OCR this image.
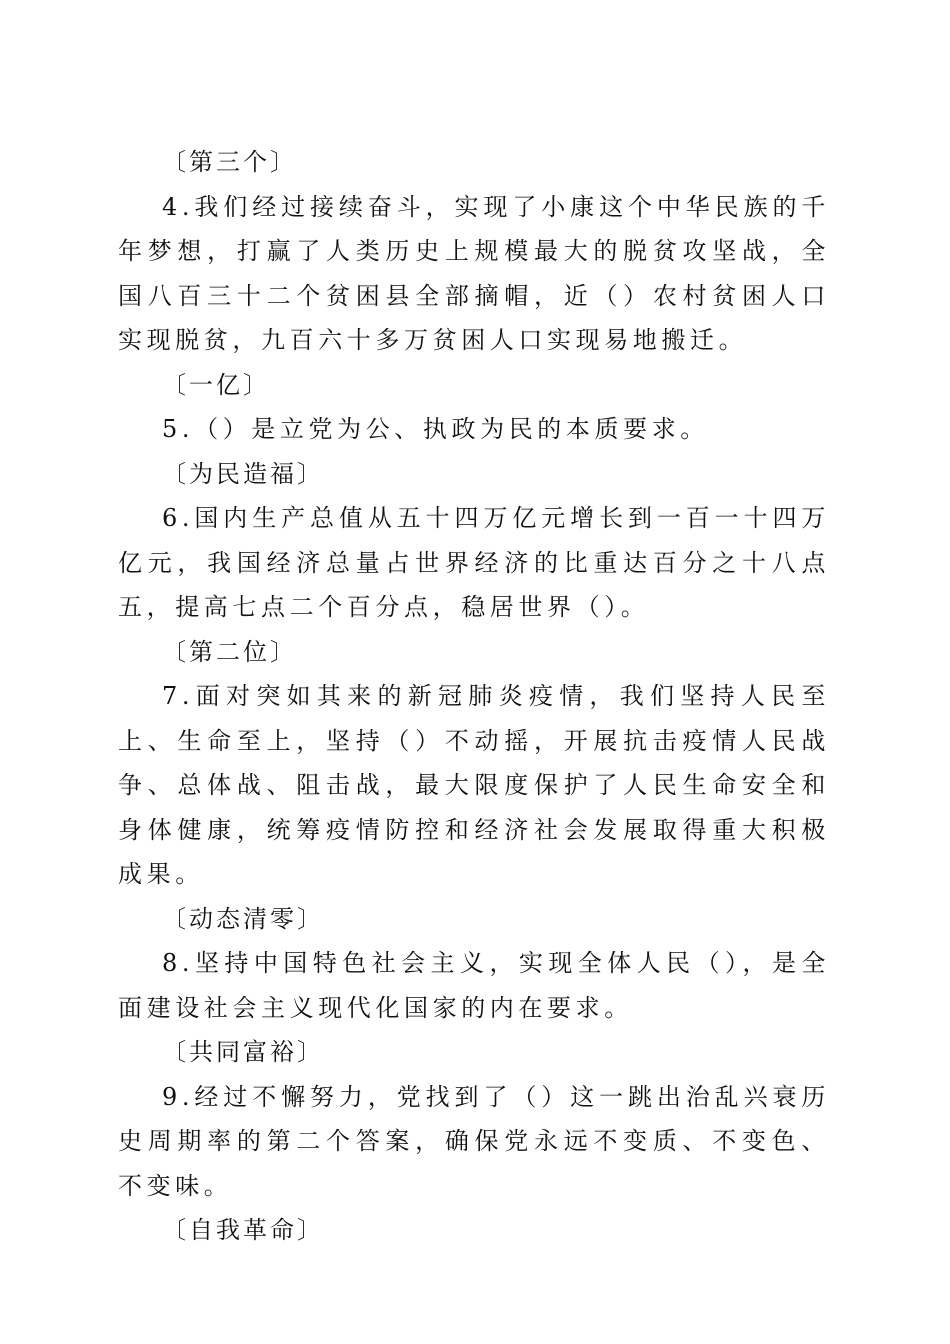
〔第三个〕

4.我们经过接续奋斗，实现了小康这个中华民族的千年梦想，打赢了人类历史上规模最大的脱贫攻坚战，全国八百三十二个贫困县全部摘帽，近（）农村贫困人口实现脱贫，九百六十多万贫困人口实现易地搬迁。

〔一亿〕

5.（）是立党为公、执政为民的本质要求。

〔为民造福〕

6.国内生产总值从五十四万亿元增长到一百一十四万亿元，我国经济总量占世界经济的比重达百分之十八点五，提高七点二个百分点，稳居世界（）。

〔第二位〕

7.面对突如其来的新冠肺炎疫情，我们坚持人民至上、生命至上，坚持（）不动摇，开展抗击疫情人民战争、总体战、阻击战，最大限度保护了人民生命安全和身体健康，统筹疫情防控和经济社会发展取得重大积极成果。

〔动态清零〕

8.坚持中国特色社会主义，实现全体人民（），是全面建设社会主义现代化国家的内在要求。

〔共同富裕〕

9.经过不懈努力，党找到了（）这一跳出治乱兴衰历史周期率的第二个答案，确保党永远不变质、不变色、不变味。

〔自我革命〕
